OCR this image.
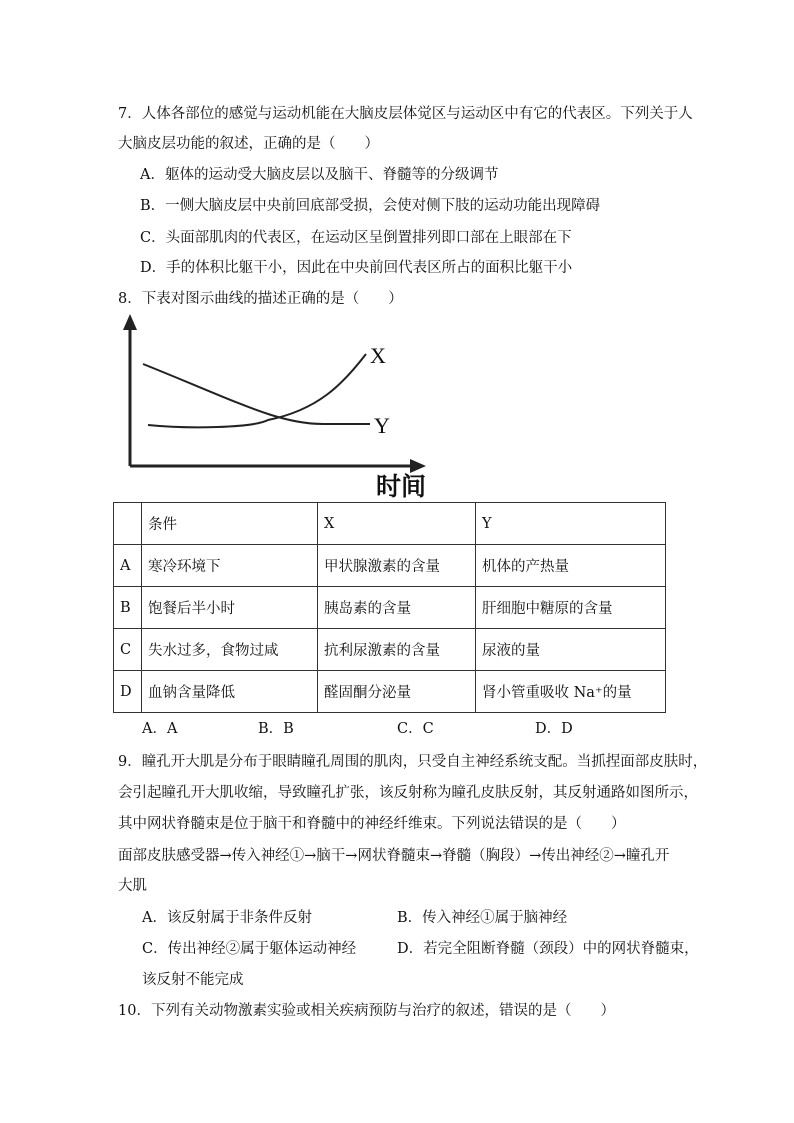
7．人体各部位的感觉与运动机能在大脑皮层体觉区与运动区中有它的代表区。下列关于人
大脑皮层功能的叙述，正确的是（　　）
A．躯体的运动受大脑皮层以及脑干、脊髓等的分级调节
B．一侧大脑皮层中央前回底部受损，会使对侧下肢的运动功能出现障碍
C．头面部肌肉的代表区，在运动区呈倒置排列即口部在上眼部在下
D．手的体积比躯干小，因此在中央前回代表区所占的面积比躯干小
8．下表对图示曲线的描述正确的是（　　）
X
Y
时间
	条件	X	Y
A	寒冷环境下	甲状腺激素的含量	机体的产热量
B	饱餐后半小时	胰岛素的含量	肝细胞中糖原的含量
C	失水过多，食物过咸	抗利尿激素的含量	尿液的量
D	血钠含量降低	醛固酮分泌量	肾小管重吸收 Na⁺的量
A．A	B．B	C．C	D．D
9．瞳孔开大肌是分布于眼睛瞳孔周围的肌肉，只受自主神经系统支配。当抓捏面部皮肤时，
会引起瞳孔开大肌收缩，导致瞳孔扩张，该反射称为瞳孔皮肤反射，其反射通路如图所示，
其中网状脊髓束是位于脑干和脊髓中的神经纤维束。下列说法错误的是（　　）
面部皮肤感受器→传入神经①→脑干→网状脊髓束→脊髓（胸段）→传出神经②→瞳孔开
大肌
A．该反射属于非条件反射	B．传入神经①属于脑神经
C．传出神经②属于躯体运动神经	D．若完全阻断脊髓（颈段）中的网状脊髓束，
该反射不能完成
10．下列有关动物激素实验或相关疾病预防与治疗的叙述，错误的是（　　）
